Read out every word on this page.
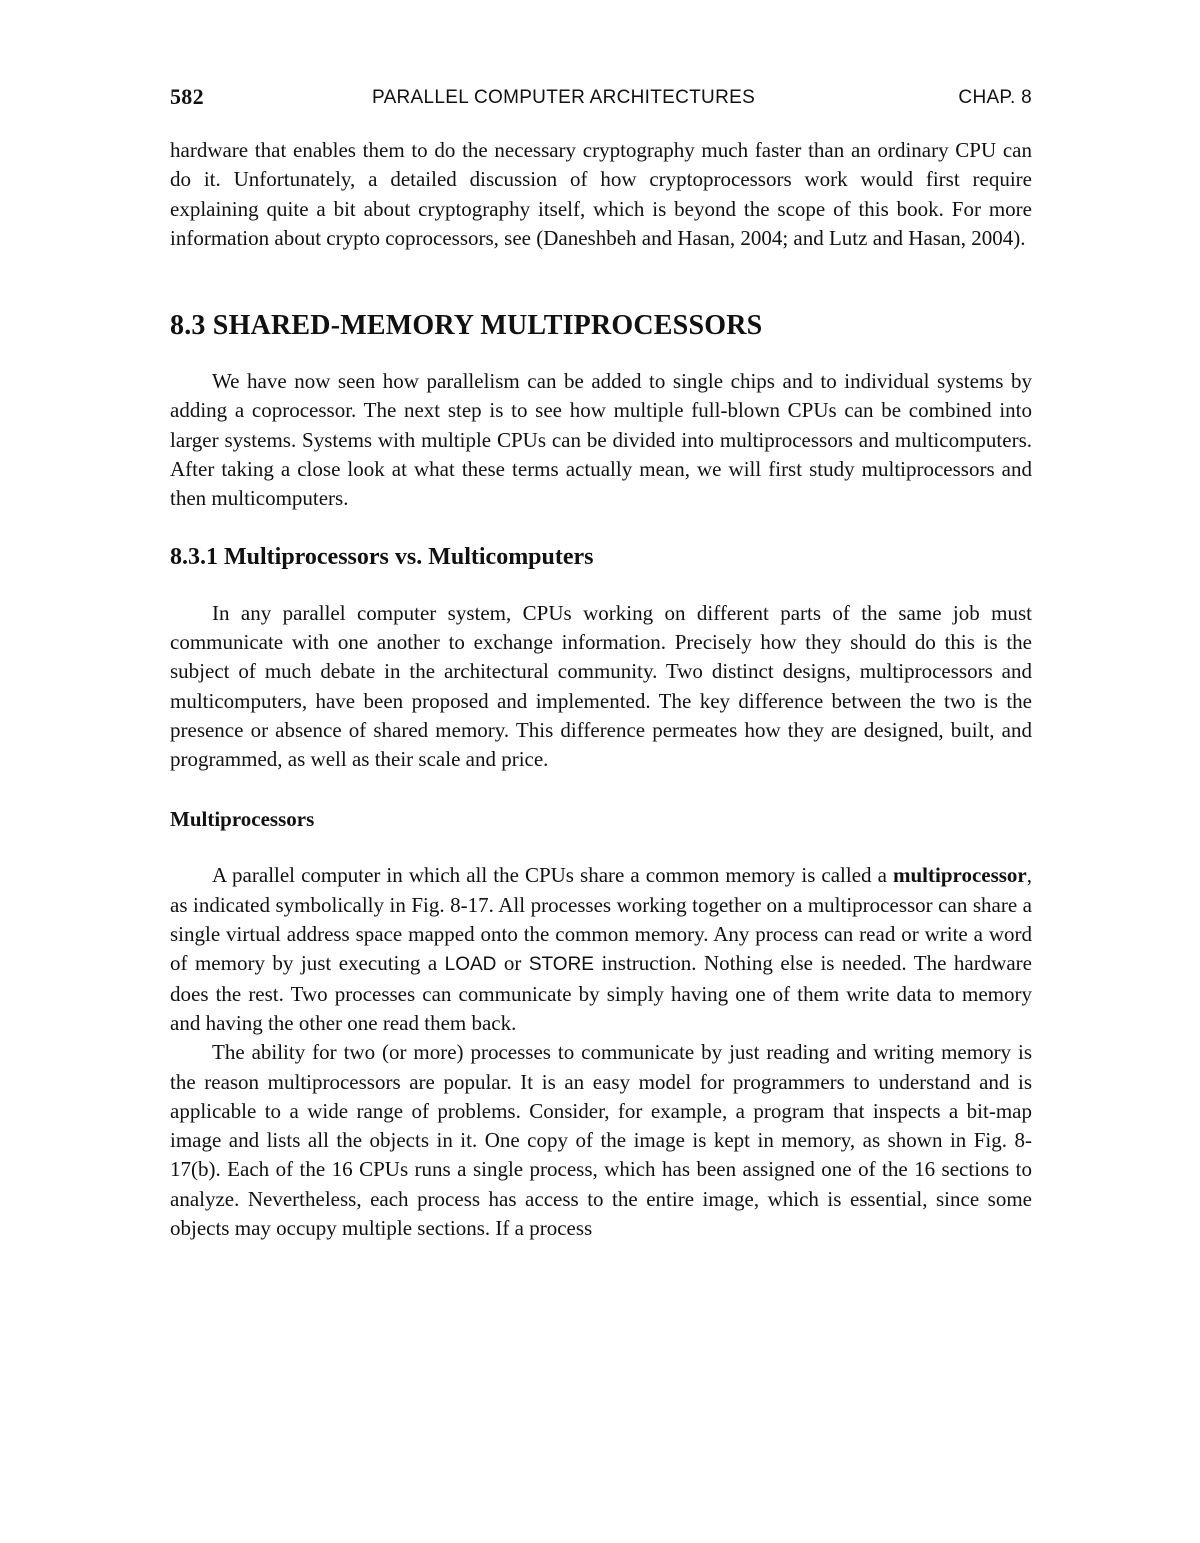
582	PARALLEL COMPUTER ARCHITECTURES	CHAP. 8

hardware that enables them to do the necessary cryptography much faster than an ordinary CPU can do it. Unfortunately, a detailed discussion of how cryptoprocessors work would first require explaining quite a bit about cryptography itself, which is beyond the scope of this book. For more information about crypto coprocessors, see (Daneshbeh and Hasan, 2004; and Lutz and Hasan, 2004).

8.3 SHARED-MEMORY MULTIPROCESSORS

We have now seen how parallelism can be added to single chips and to individual systems by adding a coprocessor. The next step is to see how multiple full-blown CPUs can be combined into larger systems. Systems with multiple CPUs can be divided into multiprocessors and multicomputers. After taking a close look at what these terms actually mean, we will first study multiprocessors and then multicomputers.

8.3.1 Multiprocessors vs. Multicomputers

In any parallel computer system, CPUs working on different parts of the same job must communicate with one another to exchange information. Precisely how they should do this is the subject of much debate in the architectural community. Two distinct designs, multiprocessors and multicomputers, have been proposed and implemented. The key difference between the two is the presence or absence of shared memory. This difference permeates how they are designed, built, and programmed, as well as their scale and price.

Multiprocessors

A parallel computer in which all the CPUs share a common memory is called a multiprocessor, as indicated symbolically in Fig. 8-17. All processes working together on a multiprocessor can share a single virtual address space mapped onto the common memory. Any process can read or write a word of memory by just executing a LOAD or STORE instruction. Nothing else is needed. The hardware does the rest. Two processes can communicate by simply having one of them write data to memory and having the other one read them back.

The ability for two (or more) processes to communicate by just reading and writing memory is the reason multiprocessors are popular. It is an easy model for programmers to understand and is applicable to a wide range of problems. Consider, for example, a program that inspects a bit-map image and lists all the objects in it. One copy of the image is kept in memory, as shown in Fig. 8-17(b). Each of the 16 CPUs runs a single process, which has been assigned one of the 16 sections to analyze. Nevertheless, each process has access to the entire image, which is essential, since some objects may occupy multiple sections. If a process
